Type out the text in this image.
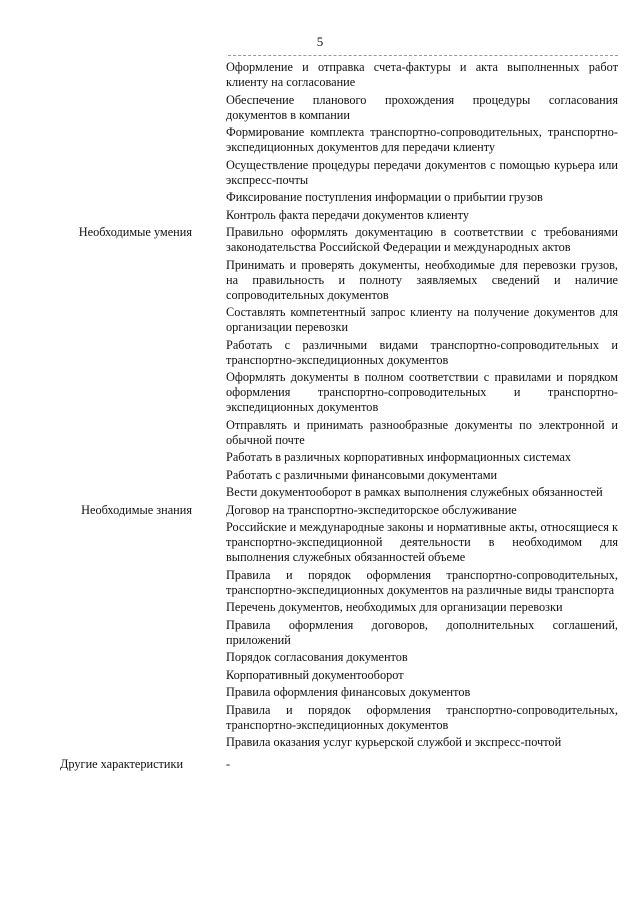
5
Оформление и отправка счета-фактуры и акта выполненных работ клиенту на согласование
Обеспечение планового прохождения процедуры согласования документов в компании
Формирование комплекта транспортно-сопроводительных, транспортно-экспедиционных документов для передачи клиенту
Осуществление процедуры передачи документов с помощью курьера или экспресс-почты
Фиксирование поступления информации о прибытии грузов
Контроль факта передачи документов клиенту
Необходимые умения	Правильно оформлять документацию в соответствии с требованиями законодательства Российской Федерации и международных актов
Принимать и проверять документы, необходимые для перевозки грузов, на правильность и полноту заявляемых сведений и наличие сопроводительных документов
Составлять компетентный запрос клиенту на получение документов для организации перевозки
Работать с различными видами транспортно-сопроводительных и транспортно-экспедиционных документов
Оформлять документы в полном соответствии с правилами и порядком оформления транспортно-сопроводительных и транспортно-экспедиционных документов
Отправлять и принимать разнообразные документы по электронной и обычной почте
Работать в различных корпоративных информационных системах
Работать с различными финансовыми документами
Вести документооборот в рамках выполнения служебных обязанностей
Необходимые знания	Договор на транспортно-экспедиторское обслуживание
Российские и международные законы и нормативные акты, относящиеся к транспортно-экспедиционной деятельности в необходимом для выполнения служебных обязанностей объеме
Правила и порядок оформления транспортно-сопроводительных, транспортно-экспедиционных документов на различные виды транспорта
Перечень документов, необходимых для организации перевозки
Правила оформления договоров, дополнительных соглашений, приложений
Порядок согласования документов
Корпоративный документооборот
Правила оформления финансовых документов
Правила и порядок оформления транспортно-сопроводительных, транспортно-экспедиционных документов
Правила оказания услуг курьерской службой и экспресс-почтой
Другие характеристики	-
